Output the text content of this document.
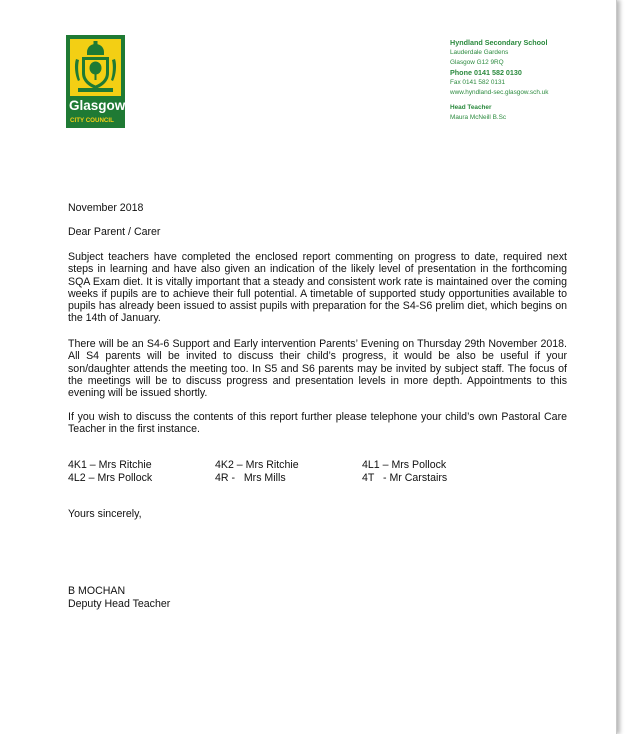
Glasgow
CITY COUNCIL
Hyndland Secondary School
Lauderdale Gardens
Glasgow G12 9RQ
Phone 0141 582 0130
Fax 0141 582 0131
www.hyndland-sec.glasgow.sch.uk
Head Teacher
Maura McNeill B.Sc
November 2018
Dear Parent / Carer
Subject teachers have completed the enclosed report commenting on progress to date, required next steps in learning and have also given an indication of the likely level of presentation in the forthcoming SQA Exam diet. It is vitally important that a steady and consistent work rate is maintained over the coming weeks if pupils are to achieve their full potential. A timetable of supported study opportunities available to pupils has already been issued to assist pupils with preparation for the S4-S6 prelim diet, which begins on the 14th of January.
There will be an S4-6 Support and Early intervention Parents’ Evening on Thursday 29th November 2018. All S4 parents will be invited to discuss their child’s progress, it would be also be useful if your son/daughter attends the meeting too. In S5 and S6 parents may be invited by subject staff. The focus of the meetings will be to discuss progress and presentation levels in more depth. Appointments to this evening will be issued shortly.
If you wish to discuss the contents of this report further please telephone your child’s own Pastoral Care Teacher in the first instance.
4K1 – Mrs Ritchie	4K2 – Mrs Ritchie	4L1 – Mrs Pollock
4L2 – Mrs Pollock	4R -   Mrs Mills	4T   - Mr Carstairs
Yours sincerely,
B MOCHAN
Deputy Head Teacher
